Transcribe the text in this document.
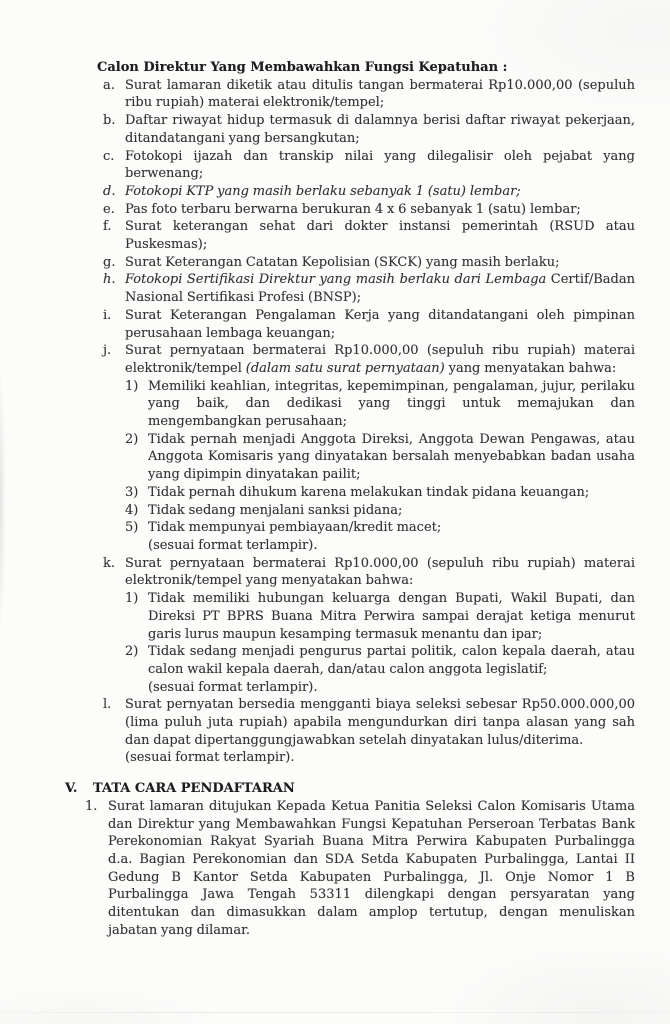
Calon Direktur Yang Membawahkan Fungsi Kepatuhan :
a. Surat lamaran diketik atau ditulis tangan bermaterai Rp10.000,00 (sepuluh ribu rupiah) materai elektronik/tempel;
b. Daftar riwayat hidup termasuk di dalamnya berisi daftar riwayat pekerjaan, ditandatangani yang bersangkutan;
c. Fotokopi ijazah dan transkip nilai yang dilegalisir oleh pejabat yang berwenang;
d. Fotokopi KTP yang masih berlaku sebanyak 1 (satu) lembar;
e. Pas foto terbaru berwarna berukuran 4 x 6 sebanyak 1 (satu) lembar;
f.	Surat keterangan sehat dari dokter instansi pemerintah (RSUD atau Puskesmas);
g. Surat Keterangan Catatan Kepolisian (SKCK) yang masih berlaku;
h. Fotokopi Sertifikasi Direktur yang masih berlaku dari Lembaga Certif/Badan Nasional Sertifikasi Profesi (BNSP);
i.	Surat Keterangan Pengalaman Kerja yang ditandatangani oleh pimpinan perusahaan lembaga keuangan;
j.	Surat pernyataan bermaterai Rp10.000,00 (sepuluh ribu rupiah) materai elektronik/tempel (dalam satu surat pernyataan) yang menyatakan bahwa:
1) Memiliki keahlian, integritas, kepemimpinan, pengalaman, jujur, perilaku yang baik, dan dedikasi yang tinggi untuk memajukan dan mengembangkan perusahaan;
2) Tidak pernah menjadi Anggota Direksi, Anggota Dewan Pengawas, atau Anggota Komisaris yang dinyatakan bersalah menyebabkan badan usaha yang dipimpin dinyatakan pailit;
3) Tidak pernah dihukum karena melakukan tindak pidana keuangan;
4) Tidak sedang menjalani sanksi pidana;
5) Tidak mempunyai pembiayaan/kredit macet;
(sesuai format terlampir).
k. Surat pernyataan bermaterai Rp10.000,00 (sepuluh ribu rupiah) materai elektronik/tempel yang menyatakan bahwa:
1) Tidak memiliki hubungan keluarga dengan Bupati, Wakil Bupati, dan Direksi PT BPRS Buana Mitra Perwira sampai derajat ketiga menurut garis lurus maupun kesamping termasuk menantu dan ipar;
2) Tidak sedang menjadi pengurus partai politik, calon kepala daerah, atau calon wakil kepala daerah, dan/atau calon anggota legislatif;
(sesuai format terlampir).
l.	Surat pernyatan bersedia mengganti biaya seleksi sebesar Rp50.000.000,00 (lima puluh juta rupiah) apabila mengundurkan diri tanpa alasan yang sah dan dapat dipertanggungjawabkan setelah dinyatakan lulus/diterima.
(sesuai format terlampir).
V.	TATA CARA PENDAFTARAN
1. Surat lamaran ditujukan Kepada Ketua Panitia Seleksi Calon Komisaris Utama dan Direktur yang Membawahkan Fungsi Kepatuhan Perseroan Terbatas Bank Perekonomian Rakyat Syariah Buana Mitra Perwira Kabupaten Purbalingga d.a. Bagian Perekonomian dan SDA Setda Kabupaten Purbalingga, Lantai II Gedung B Kantor Setda Kabupaten Purbalingga, Jl. Onje Nomor 1 B Purbalingga Jawa Tengah 53311 dilengkapi dengan persyaratan yang ditentukan dan dimasukkan dalam amplop tertutup, dengan menuliskan jabatan yang dilamar.
